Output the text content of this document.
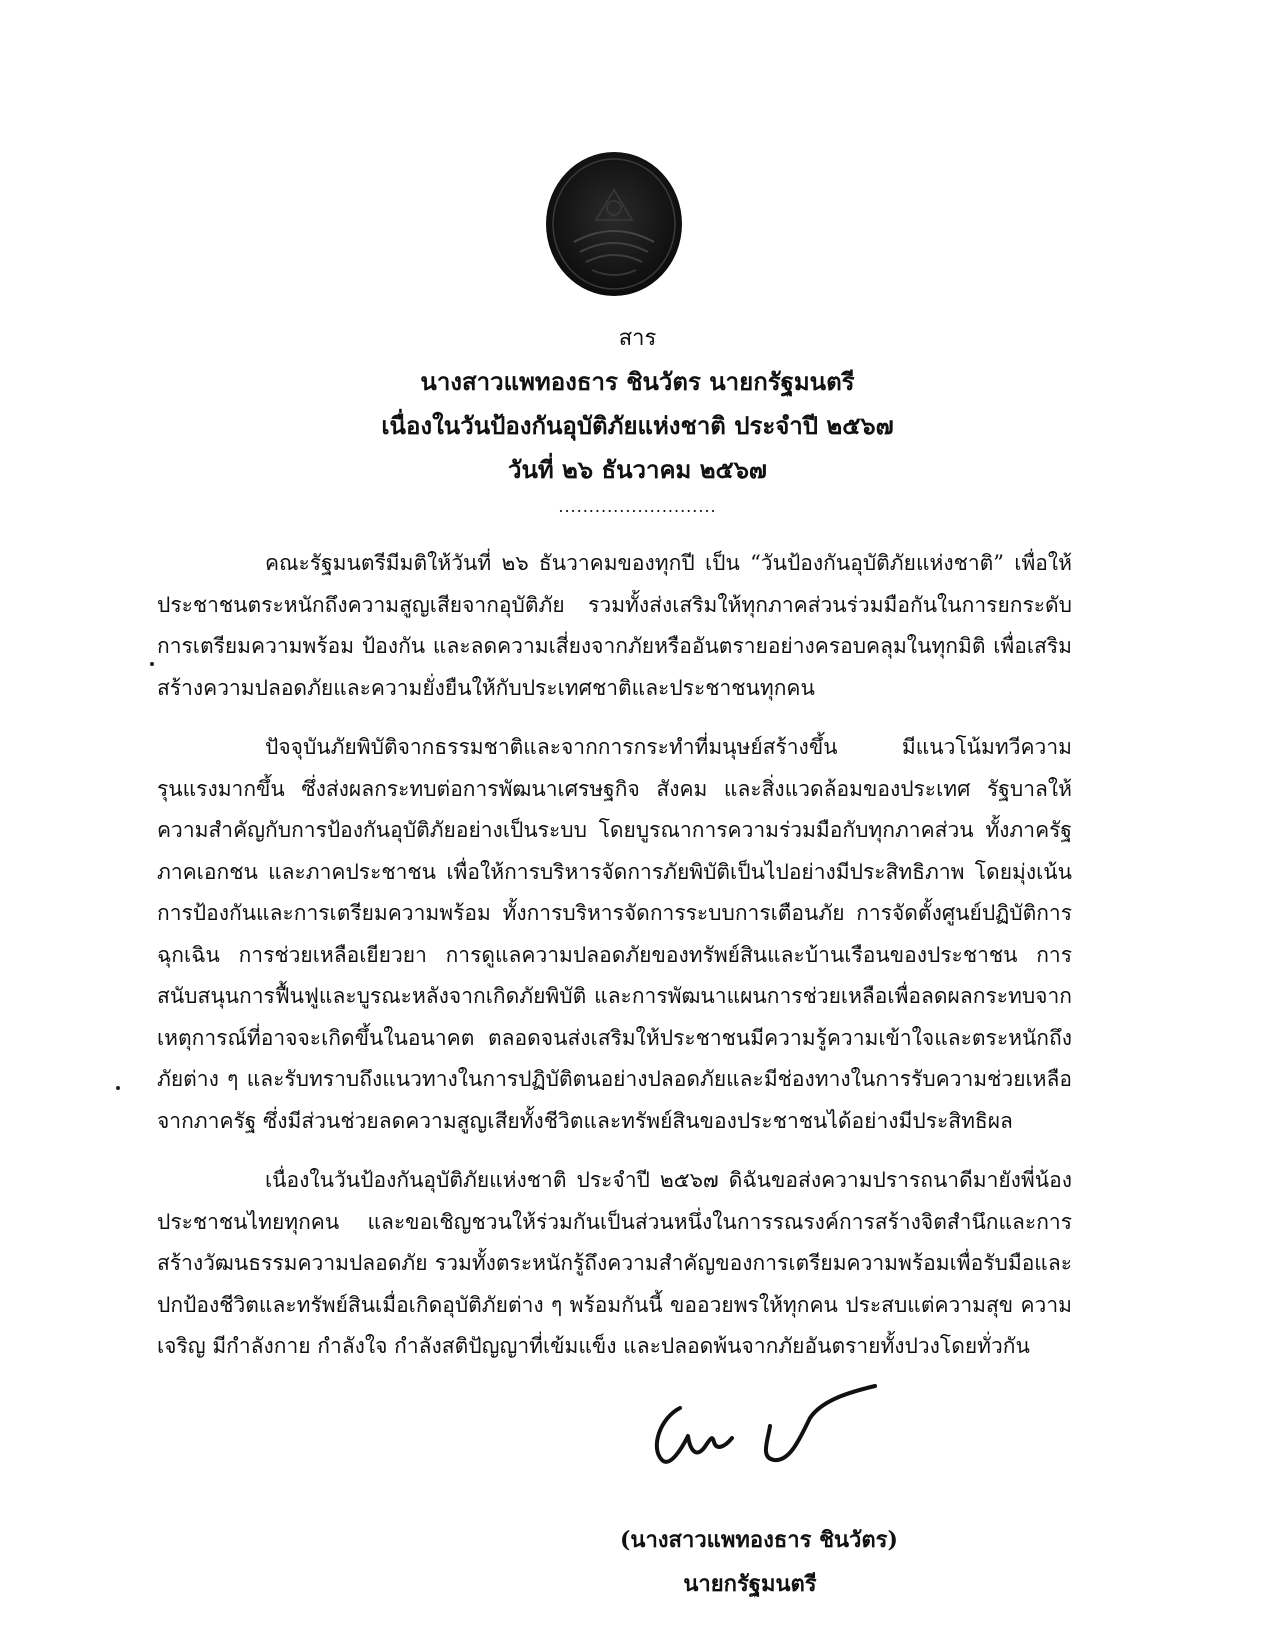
สาร
นางสาวแพทองธาร ชินวัตร นายกรัฐมนตรี
เนื่องในวันป้องกันอุบัติภัยแห่งชาติ ประจำปี ๒๕๖๗
วันที่ ๒๖ ธันวาคม ๒๕๖๗
..........................

คณะรัฐมนตรีมีมติให้วันที่ ๒๖ ธันวาคมของทุกปี เป็น “วันป้องกันอุบัติภัยแห่งชาติ” เพื่อให้ประชาชนตระหนักถึงความสูญเสียจากอุบัติภัย รวมทั้งส่งเสริมให้ทุกภาคส่วนร่วมมือกันในการยกระดับการเตรียมความพร้อม ป้องกัน และลดความเสี่ยงจากภัยหรืออันตรายอย่างครอบคลุมในทุกมิติ เพื่อเสริมสร้างความปลอดภัยและความยั่งยืนให้กับประเทศชาติและประชาชนทุกคน

ปัจจุบันภัยพิบัติจากธรรมชาติและจากการกระทำที่มนุษย์สร้างขึ้น มีแนวโน้มทวีความรุนแรงมากขึ้น ซึ่งส่งผลกระทบต่อการพัฒนาเศรษฐกิจ สังคม และสิ่งแวดล้อมของประเทศ รัฐบาลให้ความสำคัญกับการป้องกันอุบัติภัยอย่างเป็นระบบ โดยบูรณาการความร่วมมือกับทุกภาคส่วน ทั้งภาครัฐ ภาคเอกชน และภาคประชาชน เพื่อให้การบริหารจัดการภัยพิบัติเป็นไปอย่างมีประสิทธิภาพ โดยมุ่งเน้นการป้องกันและการเตรียมความพร้อม ทั้งการบริหารจัดการระบบการเตือนภัย การจัดตั้งศูนย์ปฏิบัติการฉุกเฉิน การช่วยเหลือเยียวยา การดูแลความปลอดภัยของทรัพย์สินและบ้านเรือนของประชาชน การสนับสนุนการฟื้นฟูและบูรณะหลังจากเกิดภัยพิบัติ และการพัฒนาแผนการช่วยเหลือเพื่อลดผลกระทบจากเหตุการณ์ที่อาจจะเกิดขึ้นในอนาคต ตลอดจนส่งเสริมให้ประชาชนมีความรู้ความเข้าใจและตระหนักถึงภัยต่าง ๆ และรับทราบถึงแนวทางในการปฏิบัติตนอย่างปลอดภัยและมีช่องทางในการรับความช่วยเหลือจากภาครัฐ ซึ่งมีส่วนช่วยลดความสูญเสียทั้งชีวิตและทรัพย์สินของประชาชนได้อย่างมีประสิทธิผล

เนื่องในวันป้องกันอุบัติภัยแห่งชาติ ประจำปี ๒๕๖๗ ดิฉันขอส่งความปรารถนาดีมายังพี่น้องประชาชนไทยทุกคน และขอเชิญชวนให้ร่วมกันเป็นส่วนหนึ่งในการรณรงค์การสร้างจิตสำนึกและการสร้างวัฒนธรรมความปลอดภัย รวมทั้งตระหนักรู้ถึงความสำคัญของการเตรียมความพร้อมเพื่อรับมือและปกป้องชีวิตและทรัพย์สินเมื่อเกิดอุบัติภัยต่าง ๆ พร้อมกันนี้ ขออวยพรให้ทุกคน ประสบแต่ความสุข ความเจริญ มีกำลังกาย กำลังใจ กำลังสติปัญญาที่เข้มแข็ง และปลอดพ้นจากภัยอันตรายทั้งปวงโดยทั่วกัน

(นางสาวแพทองธาร ชินวัตร)
นายกรัฐมนตรี
